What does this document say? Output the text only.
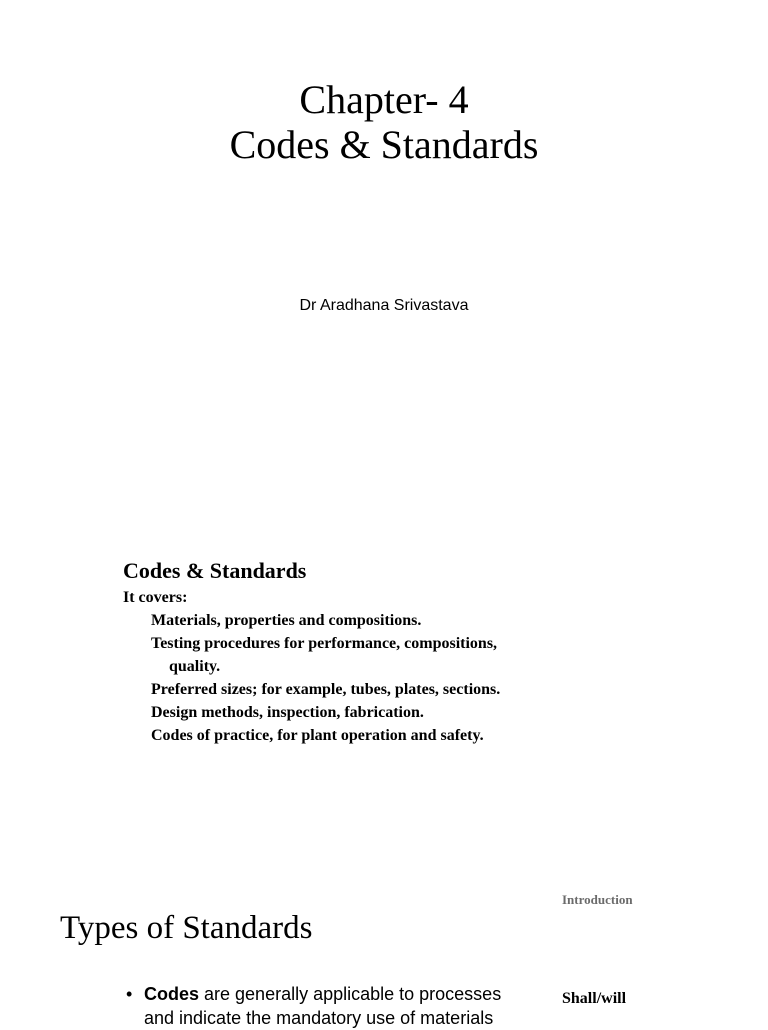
Chapter- 4
Codes & Standards
Dr Aradhana Srivastava
Codes & Standards
It covers:
Materials, properties and compositions.
Testing procedures for performance, compositions,
quality.
Preferred sizes; for example, tubes, plates, sections.
Design methods, inspection, fabrication.
Codes of practice, for plant operation and safety.
Introduction
Types of Standards
• Codes are generally applicable to processes
and indicate the mandatory use of materials
Shall/will
